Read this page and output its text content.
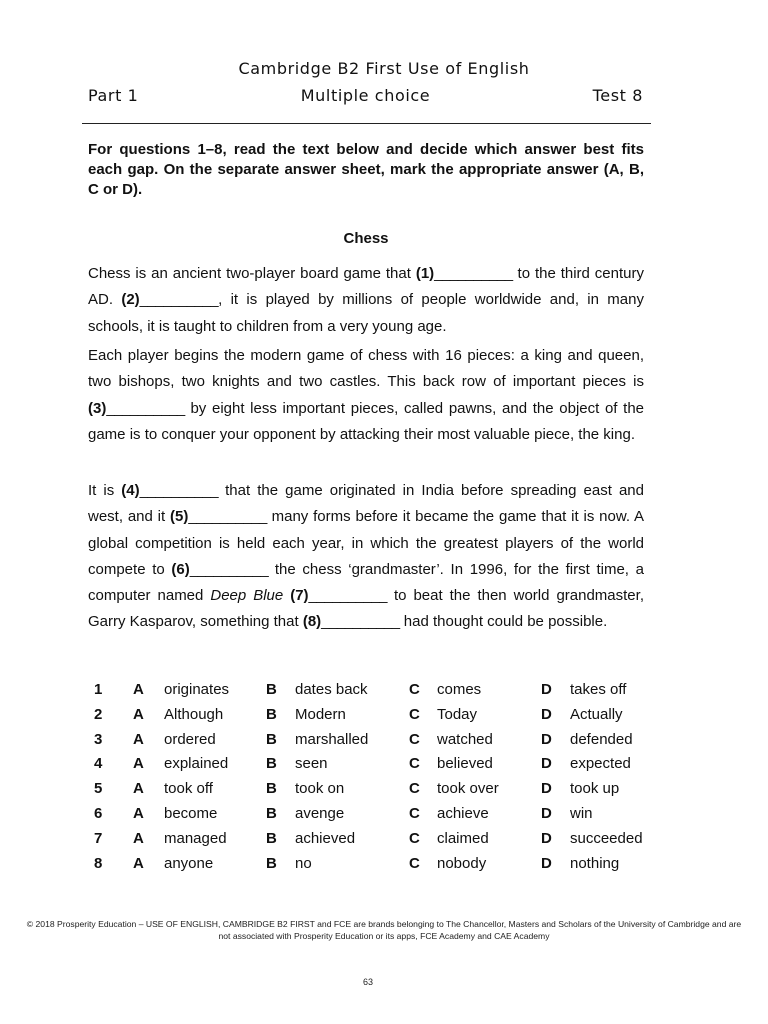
Cambridge B2 First Use of English
Part 1	Multiple choice	Test 8
For questions 1–8, read the text below and decide which answer best fits each gap. On the separate answer sheet, mark the appropriate answer (A, B, C or D).
Chess

Chess is an ancient two-player board game that (1)__________ to the third century AD. (2)__________, it is played by millions of people worldwide and, in many schools, it is taught to children from a very young age.

Each player begins the modern game of chess with 16 pieces: a king and queen, two bishops, two knights and two castles. This back row of important pieces is (3)__________ by eight less important pieces, called pawns, and the object of the game is to conquer your opponent by attacking their most valuable piece, the king.

It is (4)__________ that the game originated in India before spreading east and west, and it (5)__________ many forms before it became the game that it is now. A global competition is held each year, in which the greatest players of the world compete to (6)__________ the chess ‘grandmaster’. In 1996, for the first time, a computer named Deep Blue (7)__________ to beat the then world grandmaster, Garry Kasparov, something that (8)__________ had thought could be possible.

1 A originates B dates back	C comes	D takes off
2 A Although	B Modern	C Today	D Actually
3 A ordered	B marshalled	C watched	D defended
4 A explained	B seen	C believed	D expected
5 A took off	B took on	C took over	D took up
6 A become	B avenge	C achieve	D win
7 A managed	B achieved	C claimed	D succeeded
8 A anyone	B no	C nobody	D nothing
© 2018 Prosperity Education – USE OF ENGLISH, CAMBRIDGE B2 FIRST and FCE are brands belonging to The Chancellor, Masters and Scholars of the University of Cambridge and are not associated with Prosperity Education or its apps, FCE Academy and CAE Academy
63
